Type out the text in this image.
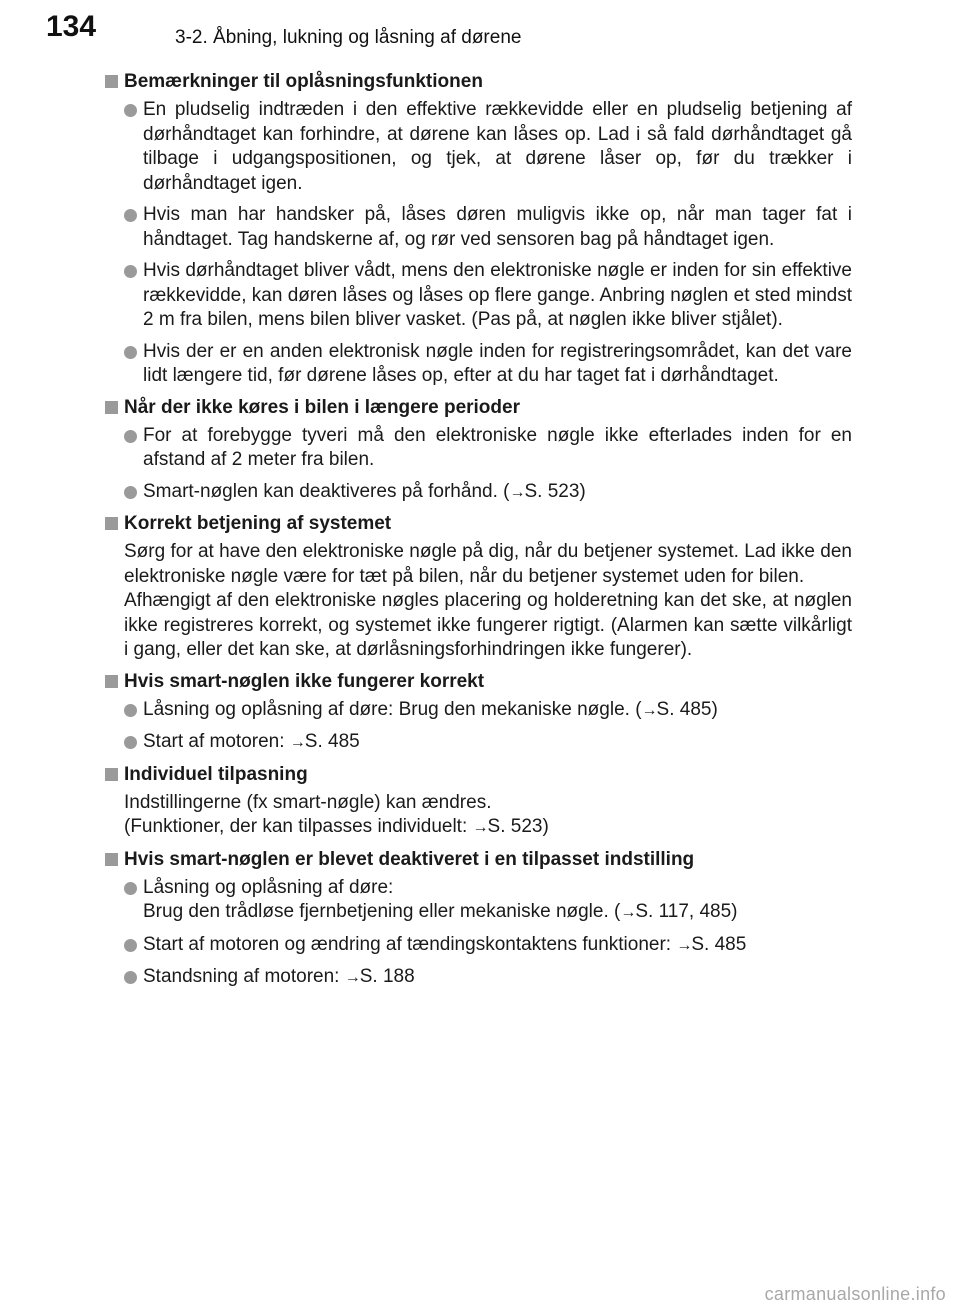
134	3-2. Åbning, lukning og låsning af dørene
Bemærkninger til oplåsningsfunktionen
En pludselig indtræden i den effektive rækkevidde eller en pludselig betjening af dørhåndtaget kan forhindre, at dørene kan låses op. Lad i så fald dørhåndtaget gå tilbage i udgangspositionen, og tjek, at dørene låser op, før du trækker i dørhåndtaget igen.
Hvis man har handsker på, låses døren muligvis ikke op, når man tager fat i håndtaget. Tag handskerne af, og rør ved sensoren bag på håndtaget igen.
Hvis dørhåndtaget bliver vådt, mens den elektroniske nøgle er inden for sin effektive rækkevidde, kan døren låses og låses op flere gange. Anbring nøglen et sted mindst 2 m fra bilen, mens bilen bliver vasket. (Pas på, at nøglen ikke bliver stjålet).
Hvis der er en anden elektronisk nøgle inden for registreringsområdet, kan det vare lidt længere tid, før dørene låses op, efter at du har taget fat i dørhåndtaget.
Når der ikke køres i bilen i længere perioder
For at forebygge tyveri må den elektroniske nøgle ikke efterlades inden for en afstand af 2 meter fra bilen.
Smart-nøglen kan deaktiveres på forhånd. (→S. 523)
Korrekt betjening af systemet
Sørg for at have den elektroniske nøgle på dig, når du betjener systemet. Lad ikke den elektroniske nøgle være for tæt på bilen, når du betjener systemet uden for bilen.
Afhængigt af den elektroniske nøgles placering og holderetning kan det ske, at nøglen ikke registreres korrekt, og systemet ikke fungerer rigtigt. (Alarmen kan sætte vilkårligt i gang, eller det kan ske, at dørlåsningsforhindringen ikke fungerer).
Hvis smart-nøglen ikke fungerer korrekt
Låsning og oplåsning af døre: Brug den mekaniske nøgle. (→S. 485)
Start af motoren: →S. 485
Individuel tilpasning
Indstillingerne (fx smart-nøgle) kan ændres.
(Funktioner, der kan tilpasses individuelt: →S. 523)
Hvis smart-nøglen er blevet deaktiveret i en tilpasset indstilling
Låsning og oplåsning af døre:
Brug den trådløse fjernbetjening eller mekaniske nøgle. (→S. 117, 485)
Start af motoren og ændring af tændingskontaktens funktioner: →S. 485
Standsning af motoren: →S. 188
carmanualsonline.info
